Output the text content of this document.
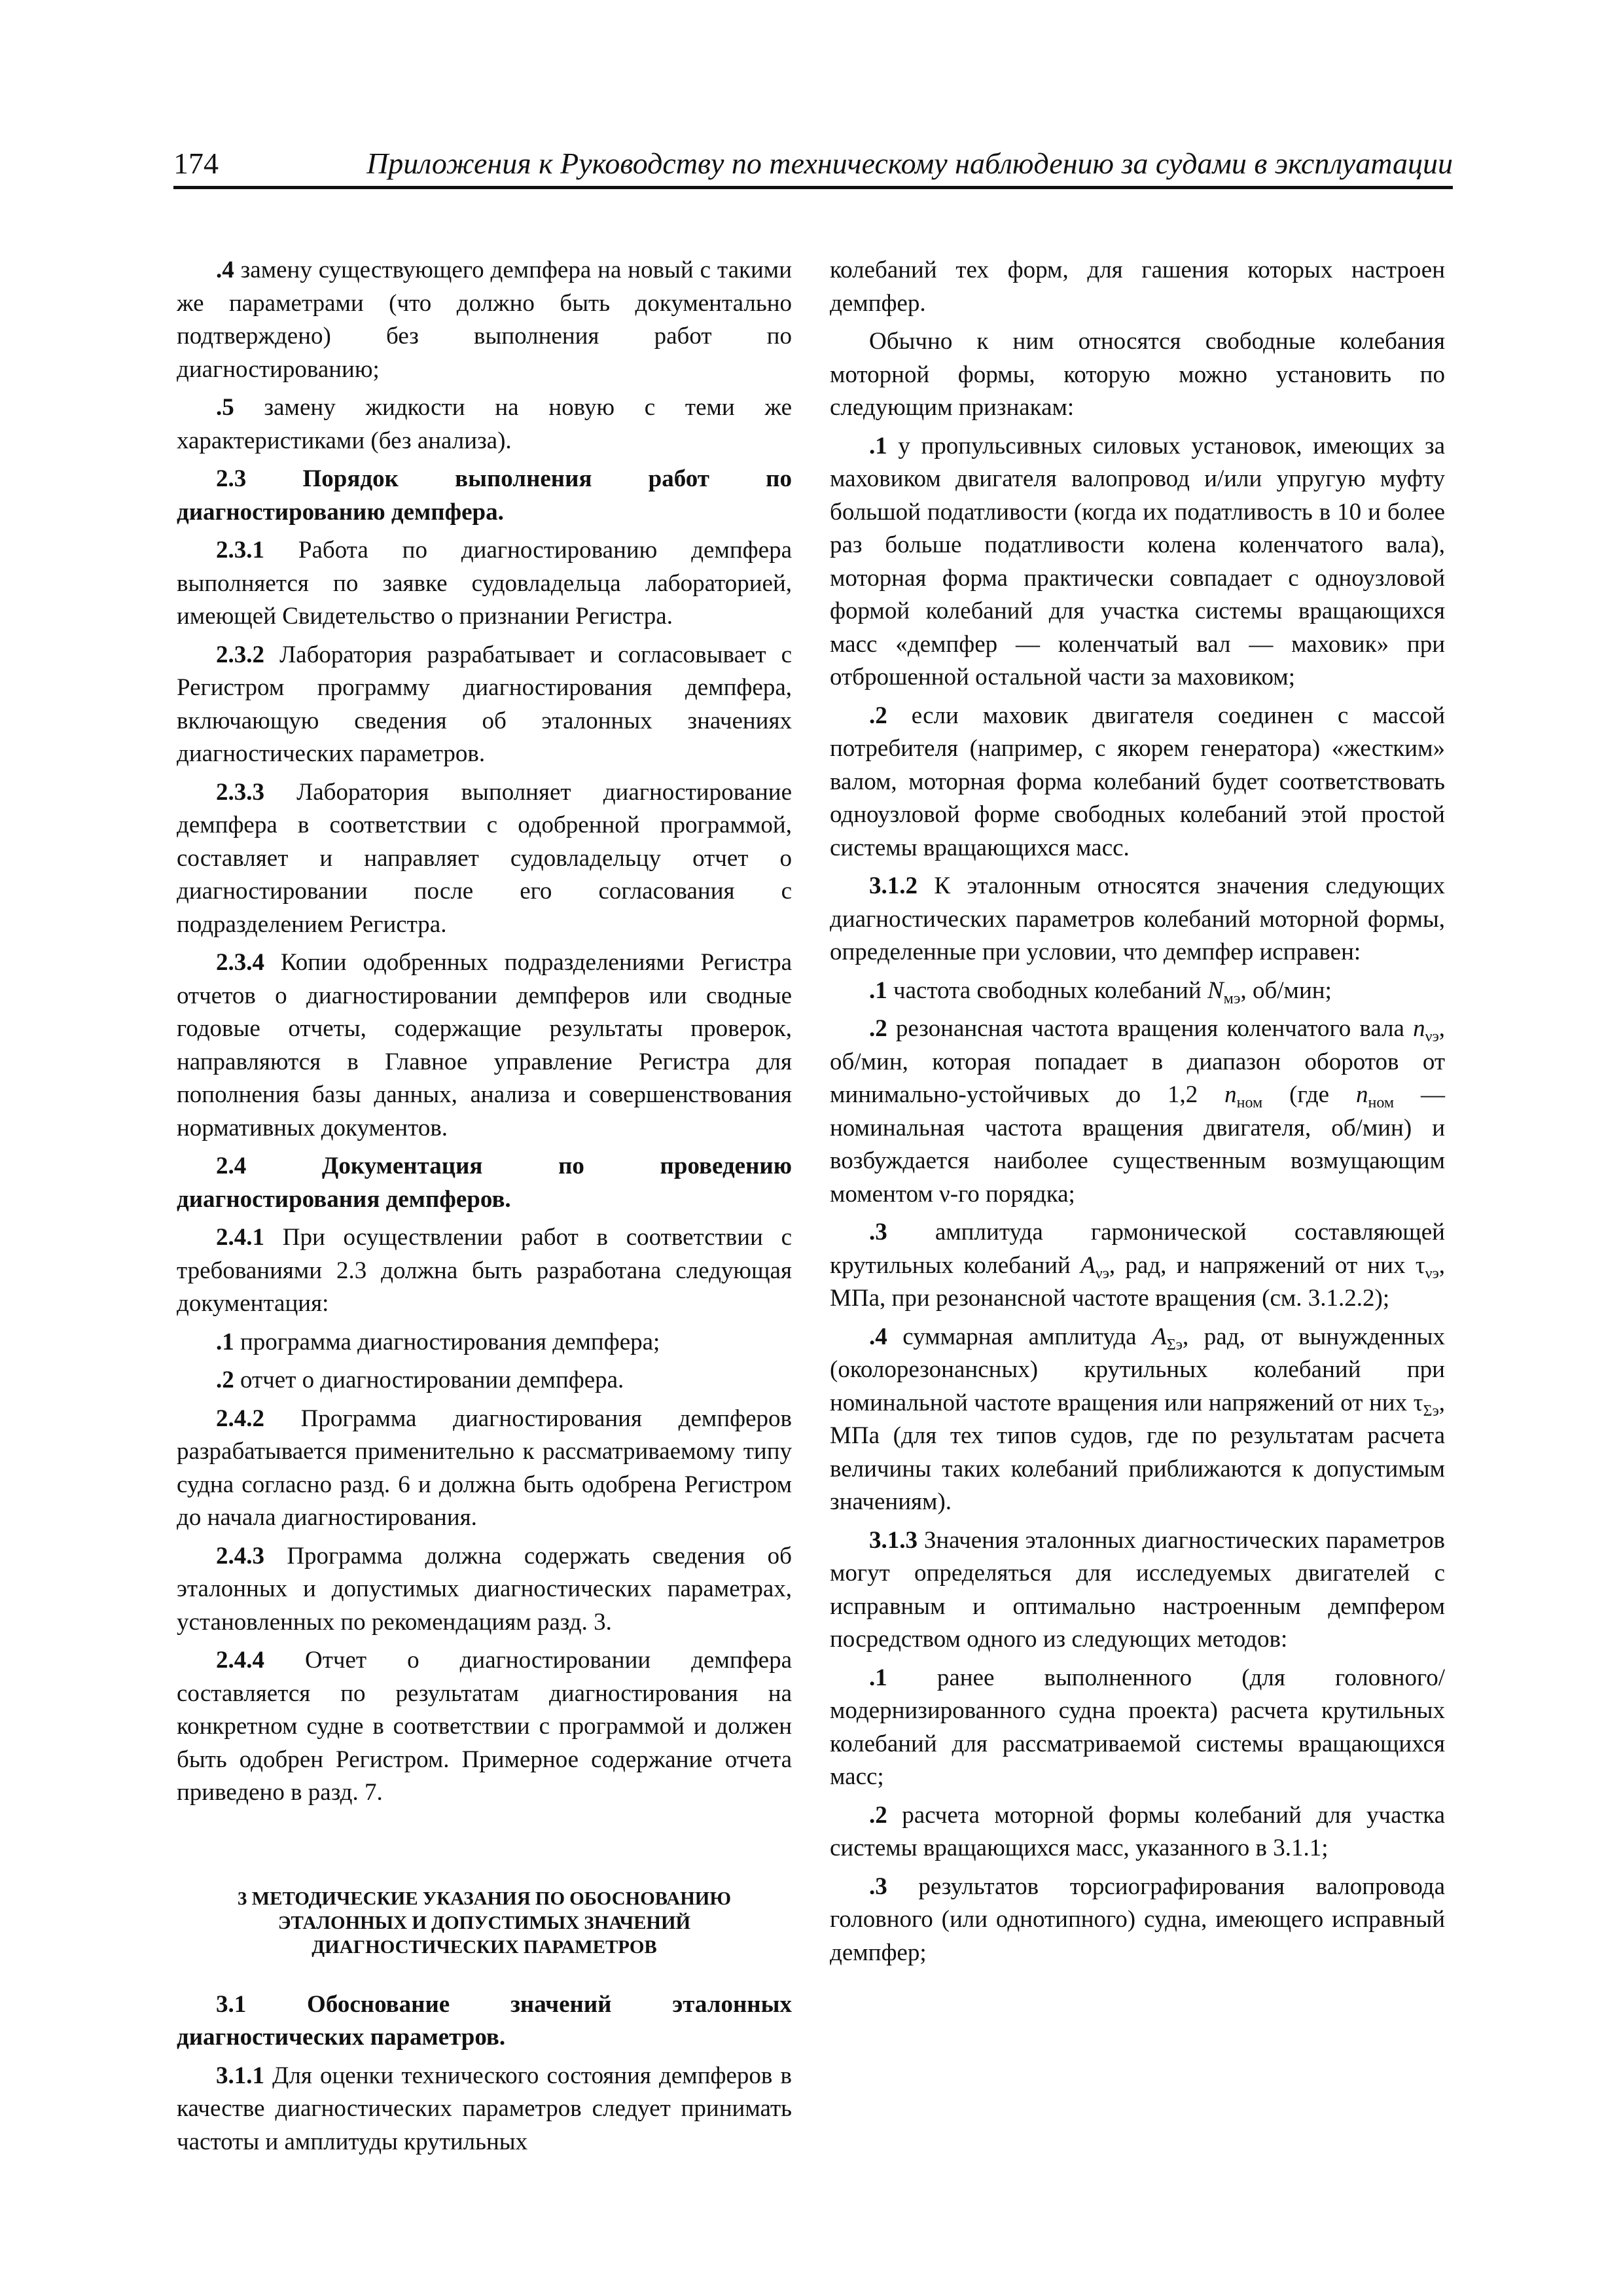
174	Приложения к Руководству по техническому наблюдению за судами в эксплуатации

.4 замену существующего демпфера на новый с такими же параметрами (что должно быть документально подтверждено) без выполнения работ по диагностированию;

.5 замену жидкости на новую с теми же характеристиками (без анализа).

2.3 Порядок выполнения работ по диагностированию демпфера.

2.3.1 Работа по диагностированию демпфера выполняется по заявке судовладельца лабораторией, имеющей Свидетельство о признании Регистра.

2.3.2 Лаборатория разрабатывает и согласовывает с Регистром программу диагностирования демпфера, включающую сведения об эталонных значениях диагностических параметров.

2.3.3 Лаборатория выполняет диагностирование демпфера в соответствии с одобренной программой, составляет и направляет судовладельцу отчет о диагностировании после его согласования с подразделением Регистра.

2.3.4 Копии одобренных подразделениями Регистра отчетов о диагностировании демпферов или сводные годовые отчеты, содержащие результаты проверок, направляются в Главное управление Регистра для пополнения базы данных, анализа и совершенствования нормативных документов.

2.4 Документация по проведению диагностирования демпферов.

2.4.1 При осуществлении работ в соответствии с требованиями 2.3 должна быть разработана следующая документация:

.1 программа диагностирования демпфера;

.2 отчет о диагностировании демпфера.

2.4.2 Программа диагностирования демпферов разрабатывается применительно к рассматриваемому типу судна согласно разд. 6 и должна быть одобрена Регистром до начала диагностирования.

2.4.3 Программа должна содержать сведения об эталонных и допустимых диагностических параметрах, установленных по рекомендациям разд. 3.

2.4.4 Отчет о диагностировании демпфера составляется по результатам диагностирования на конкретном судне в соответствии с программой и должен быть одобрен Регистром. Примерное содержание отчета приведено в разд. 7.

3 МЕТОДИЧЕСКИЕ УКАЗАНИЯ ПО ОБОСНОВАНИЮ
ЭТАЛОННЫХ И ДОПУСТИМЫХ ЗНАЧЕНИЙ
ДИАГНОСТИЧЕСКИХ ПАРАМЕТРОВ
3.1 Обоснование значений эталонных диагностических параметров.

3.1.1 Для оценки технического состояния демпферов в качестве диагностических параметров следует принимать частоты и амплитуды крутильных

колебаний тех форм, для гашения которых настроен демпфер.

Обычно к ним относятся свободные колебания моторной формы, которую можно установить по следующим признакам:

.1 у пропульсивных силовых установок, имеющих за маховиком двигателя валопровод и/или упругую муфту большой податливости (когда их податливость в 10 и более раз больше податливости колена коленчатого вала), моторная форма практически совпадает с одноузловой формой колебаний для участка системы вращающихся масс «демпфер — коленчатый вал — маховик» при отброшенной остальной части за маховиком;

.2 если маховик двигателя соединен с массой потребителя (например, с якорем генератора) «жестким» валом, моторная форма колебаний будет соответствовать одноузловой форме свободных колебаний этой простой системы вращающихся масс.

3.1.2 К эталонным относятся значения следующих диагностических параметров колебаний моторной формы, определенные при условии, что демпфер исправен:

.1 частота свободных колебаний $N_{мэ}$, об/мин;

.2 резонансная частота вращения коленчатого вала $n_{\nu э}$, об/мин, которая попадает в диапазон оборотов от минимально-устойчивых до 1,2 $n_{ном}$ (где $n_{ном}$ — номинальная частота вращения двигателя, об/мин) и возбуждается наиболее существенным возмущающим моментом ν-го порядка;

.3 амплитуда гармонической составляющей крутильных колебаний $A_{\nu э}$, рад, и напряжений от них $\tau_{\nu э}$, МПа, при резонансной частоте вращения (см. 3.1.2.2);

.4 суммарная амплитуда $A_{\Sigma э}$, рад, от вынужденных (околорезонансных) крутильных колебаний при номинальной частоте вращения или напряжений от них $\tau_{\Sigma э}$, МПа (для тех типов судов, где по результатам расчета величины таких колебаний приближаются к допустимым значениям).

3.1.3 Значения эталонных диагностических параметров могут определяться для исследуемых двигателей с исправным и оптимально настроенным демпфером посредством одного из следующих методов:

.1 ранее выполненного (для головного/модернизированного судна проекта) расчета крутильных колебаний для рассматриваемой системы вращающихся масс;

.2 расчета моторной формы колебаний для участка системы вращающихся масс, указанного в 3.1.1;

.3 результатов торсиографирования валопровода головного (или однотипного) судна, имеющего исправный демпфер;
